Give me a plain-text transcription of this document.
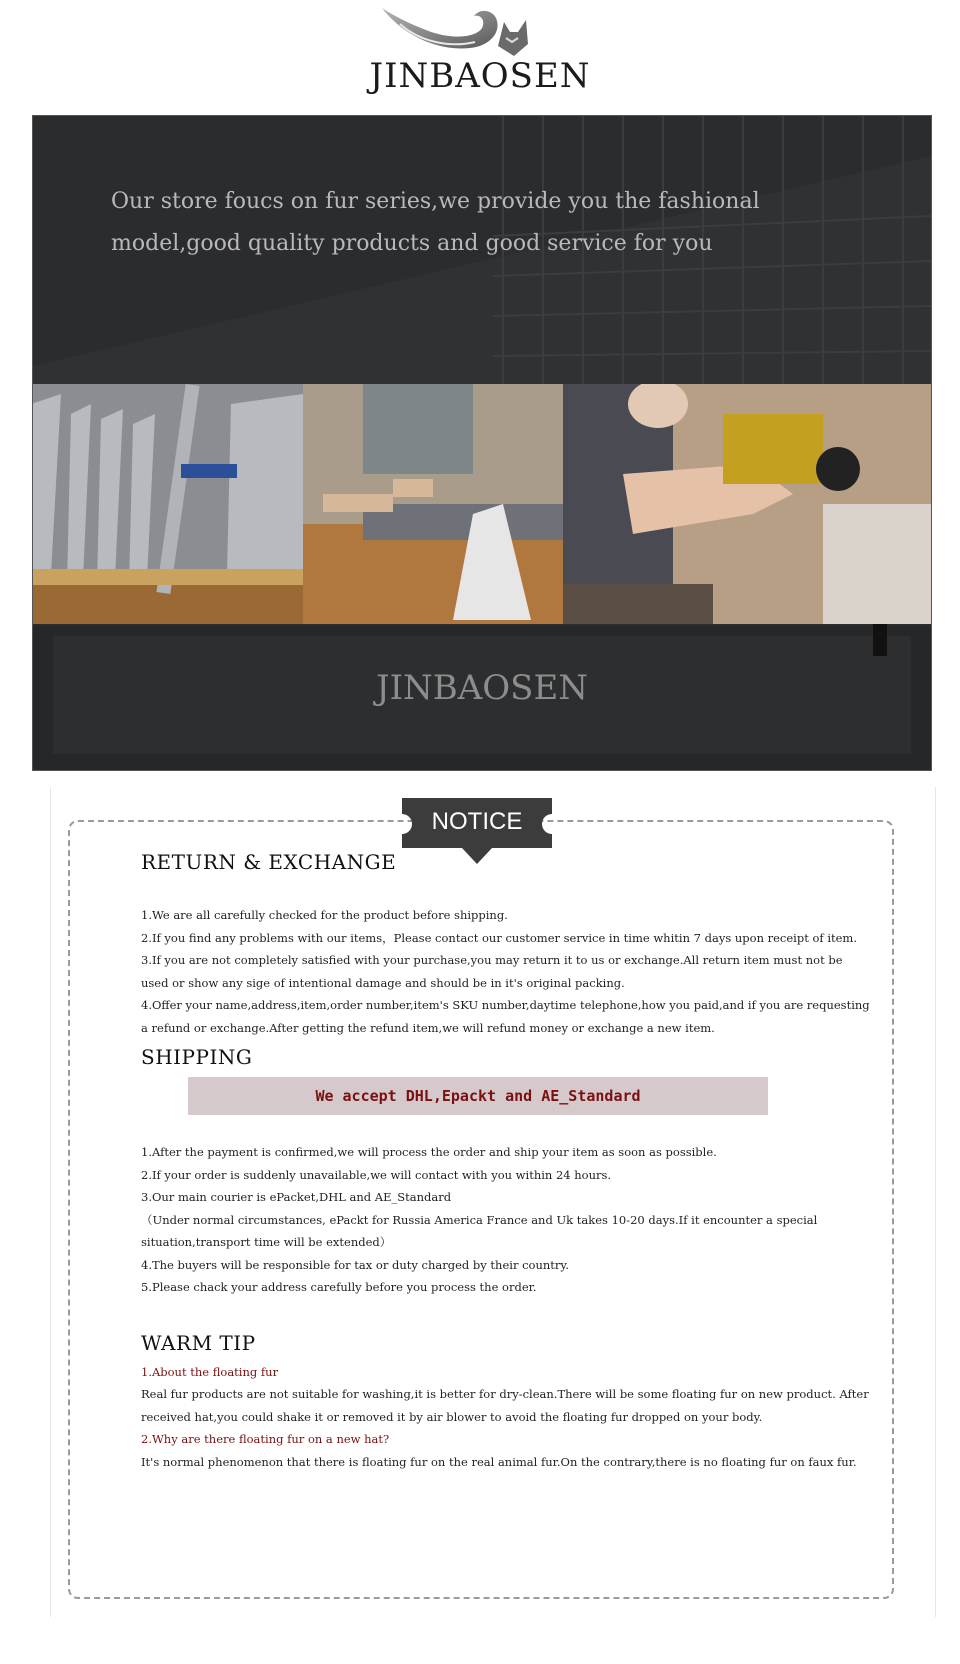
JINBAOSEN
Our store foucs on fur series,we provide you the fashional model,good quality products and good service for you
JINBAOSEN
NOTICE
RETURN & EXCHANGE
1.We are all carefully checked for the product before shipping.
2.If you find any problems with our items，Please contact our customer service in time whitin 7 days upon receipt of item.
3.If you are not completely satisfied with your purchase,you may return it to us or exchange.All return item must not be used or show any sige of intentional damage and should be in it's original packing.
4.Offer your name,address,item,order number,item's SKU number,daytime telephone,how you paid,and if you are requesting a refund or exchange.After getting the refund item,we will refund money or exchange a new item.
SHIPPING
We accept DHL,Epackt and AE_Standard
1.After the payment is confirmed,we will process the order and ship your item as soon as possible.
2.If your order is suddenly unavailable,we will contact with you within 24 hours.
3.Our main courier is ePacket,DHL and AE_Standard
（Under normal circumstances, ePackt for Russia America France and Uk takes 10-20 days.If it encounter a special situation,transport time will be extended）
4.The buyers will be responsible for tax or duty charged by their country.
5.Please chack your address carefully before you process the order.
WARM TIP
1.About the floating fur
Real fur products are not suitable for washing,it is better for dry-clean.There will be some floating fur on new product. After received hat,you could shake it or removed it by air blower to avoid the floating fur dropped on your body.
2.Why are there floating fur on a new hat?
It's normal phenomenon that there is floating fur on the real animal fur.On the contrary,there is no floating fur on faux fur.
